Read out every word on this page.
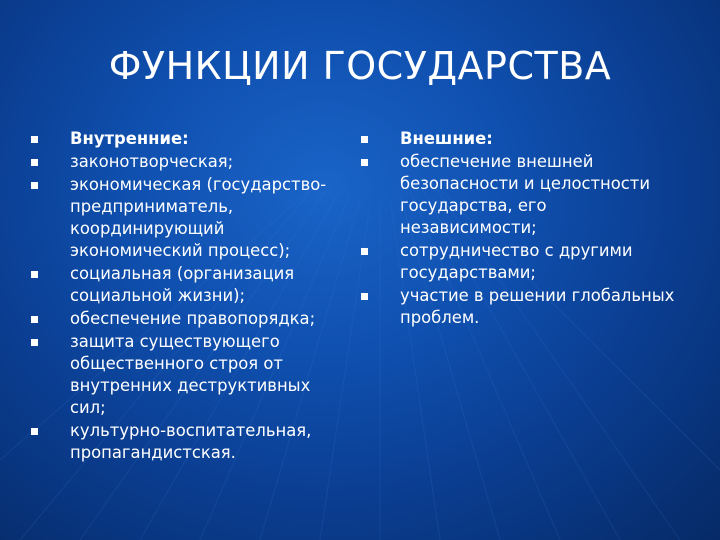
ФУНКЦИИ ГОСУДАРСТВА
Внутренние:
законотворческая;
экономическая (государство-предприниматель, координирующий экономический процесс);
социальная (организация социальной жизни);
обеспечение правопорядка;
защита существующего общественного строя от внутренних деструктивных сил;
культурно-воспитательная, пропагандистская.
Внешние:
обеспечение внешней безопасности и целостности государства, его независимости;
сотрудничество с другими государствами;
участие в решении глобальных проблем.
